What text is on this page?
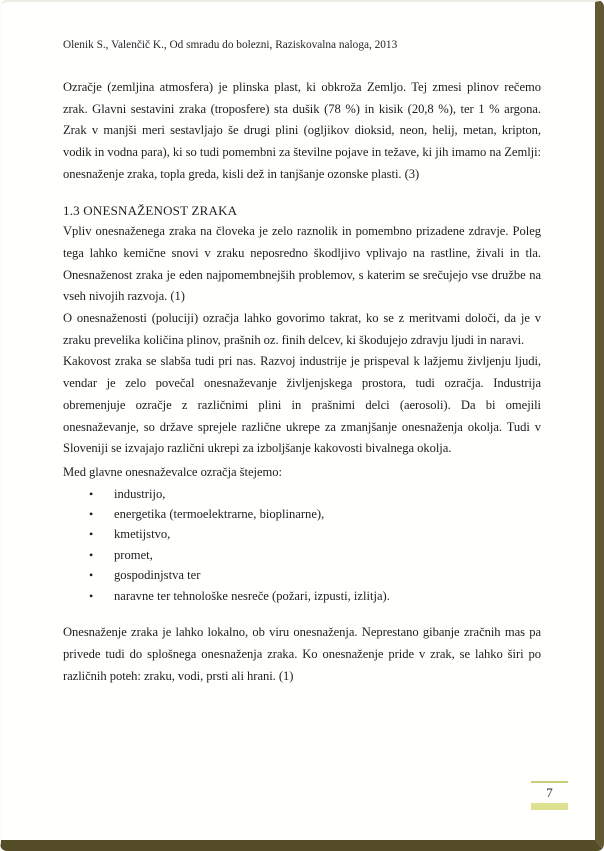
Olenik S., Valenčič K., Od smradu do bolezni, Raziskovalna naloga, 2013

Ozračje (zemljina atmosfera) je plinska plast, ki obkroža Zemljo. Tej zmesi plinov rečemo zrak. Glavni sestavini zraka (troposfere) sta dušik (78 %) in kisik (20,8 %), ter 1 % argona. Zrak v manjši meri sestavljajo še drugi plini (ogljikov dioksid, neon, helij, metan, kripton, vodik in vodna para), ki so tudi pomembni za številne pojave in težave, ki jih imamo na Zemlji: onesnaženje zraka, topla greda, kisli dež in tanjšanje ozonske plasti. (3)

1.3 ONESNAŽENOST ZRAKA

Vpliv onesnaženega zraka na človeka je zelo raznolik in pomembno prizadene zdravje. Poleg tega lahko kemične snovi v zraku neposredno škodljivo vplivajo na rastline, živali in tla. Onesnaženost zraka je eden najpomembnejših problemov, s katerim se srečujejo vse družbe na vseh nivojih razvoja. (1)

O onesnaženosti (poluciji) ozračja lahko govorimo takrat, ko se z meritvami določi, da je v zraku prevelika količina plinov, prašnih oz. finih delcev, ki škodujejo zdravju ljudi in naravi.

Kakovost zraka se slabša tudi pri nas. Razvoj industrije je prispeval k lažjemu življenju ljudi, vendar je zelo povečal onesnaževanje življenjskega prostora, tudi ozračja. Industrija obremenjuje ozračje z različnimi plini in prašnimi delci (aerosoli). Da bi omejili onesnaževanje, so države sprejele različne ukrepe za zmanjšanje onesnaženja okolja. Tudi v Sloveniji se izvajajo različni ukrepi za izboljšanje kakovosti bivalnega okolja.

Med glavne onesnaževalce ozračja štejemo:

• industrijo,
• energetika (termoelektrarne, bioplinarne),
• kmetijstvo,
• promet,
• gospodinjstva ter
• naravne ter tehnološke nesreče (požari, izpusti, izlitja).

Onesnaženje zraka je lahko lokalno, ob viru onesnaženja. Neprestano gibanje zračnih mas pa privede tudi do splošnega onesnaženja zraka. Ko onesnaženje pride v zrak, se lahko širi po različnih poteh: zraku, vodi, prsti ali hrani. (1)

7
